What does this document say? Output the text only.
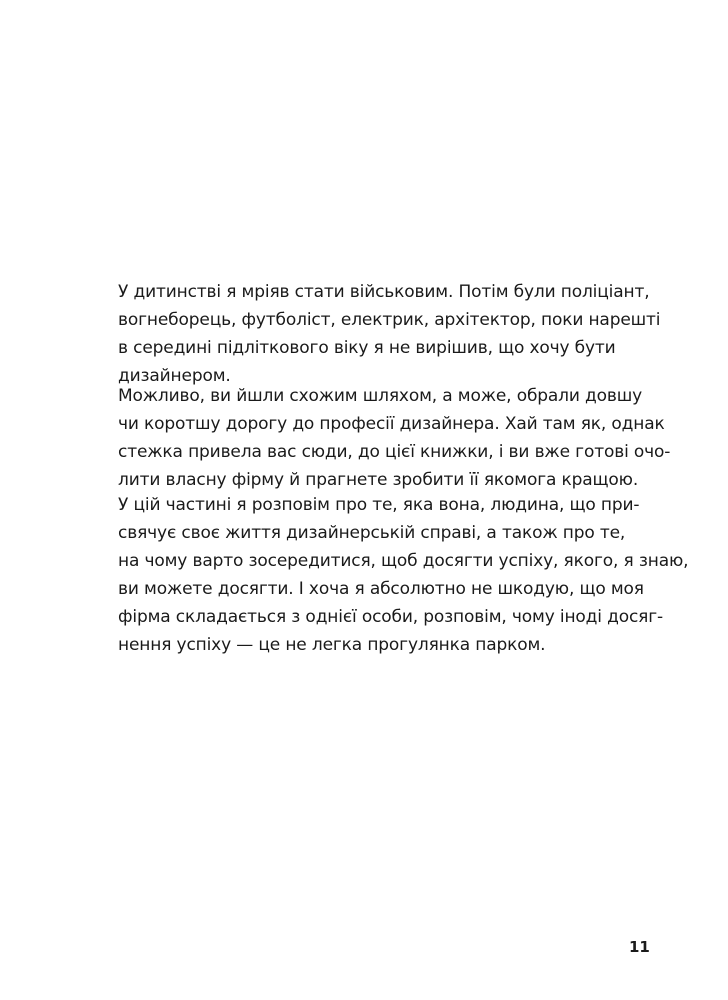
У дитинстві я мріяв стати військовим. Потім були поліціант,
вогнеборець, футболіст, електрик, архітектор, поки нарешті
в середині підліткового віку я не вирішив, що хочу бути
дизайнером.

Можливо, ви йшли схожим шляхом, а може, обрали довшу
чи коротшу дорогу до професії дизайнера. Хай там як, однак
стежка привела вас сюди, до цієї книжки, і ви вже готові очо-
лити власну фірму й прагнете зробити її якомога кращою.

У цій частині я розповім про те, яка вона, людина, що при-
свячує своє життя дизайнерській справі, а також про те,
на чому варто зосередитися, щоб досягти успіху, якого, я знаю,
ви можете досягти. І хоча я абсолютно не шкодую, що моя
фірма складається з однієї особи, розповім, чому іноді досяг-
нення успіху — це не легка прогулянка парком.

11
